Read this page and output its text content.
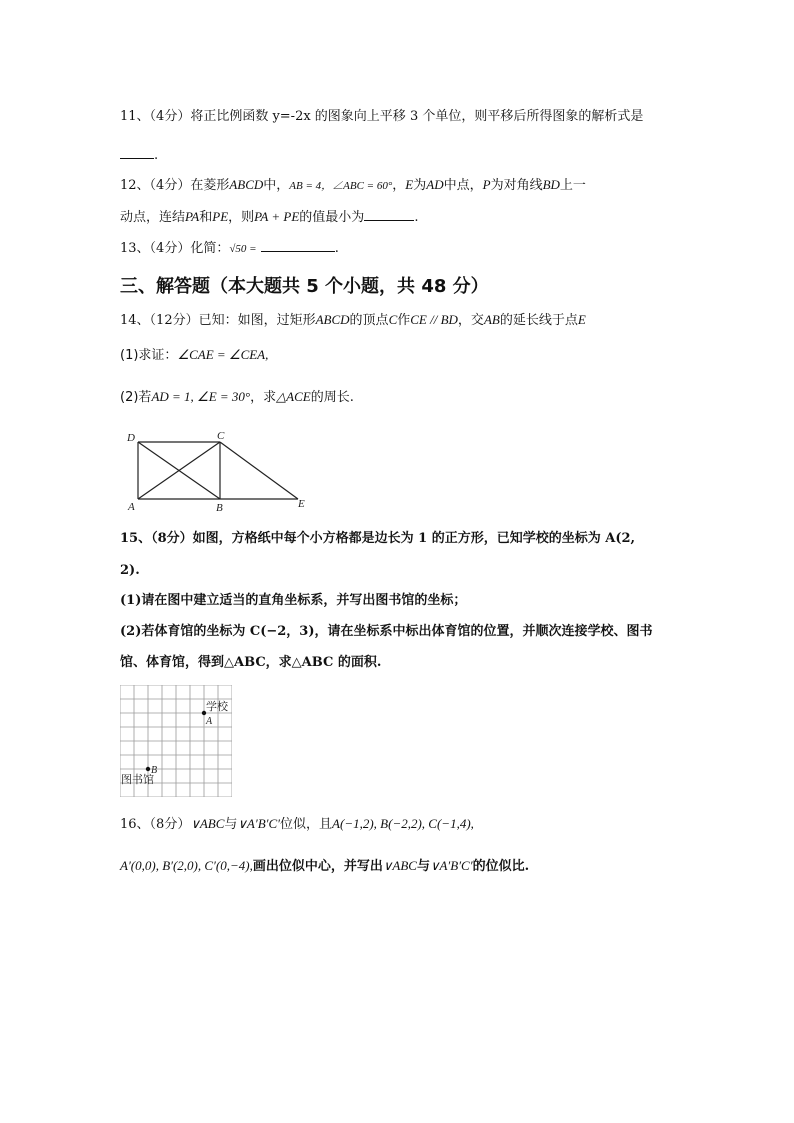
11、（4分）将正比例函数 y=-2x 的图象向上平移 3 个单位，则平移后所得图象的解析式是
.
12、（4分）在菱形ABCD中，AB = 4，∠ABC = 60°，E为AD中点，P为对角线BD上一
动点，连结PA和PE，则PA + PE的值最小为	.
13、（4分）化简：√50 =	.
三、解答题（本大题共 5 个小题，共 48 分）
14、（12分）已知：如图，过矩形ABCD的顶点C作CE // BD，交AB的延长线于点E
(1)求证：∠CAE = ∠CEA,
(2)若AD = 1, ∠E = 30°，求△ACE的周长.
D	C
A	B	E
15、（8分）如图，方格纸中每个小方格都是边长为 1 的正方形，已知学校的坐标为 A(2,
2).
(1)请在图中建立适当的直角坐标系，并写出图书馆的坐标；
(2)若体育馆的坐标为 C(−2，3)，请在坐标系中标出体育馆的位置，并顺次连接学校、图书
馆、体育馆，得到△ABC，求△ABC 的面积.
学校
A
B
图书馆
16、（8分）∨ABC与∨A′B′C′位似，且A(−1,2), B(−2,2), C(−1,4),
A′(0,0), B′(2,0), C′(0,−4),画出位似中心，并写出∨ABC与∨A′B′C′的位似比.
